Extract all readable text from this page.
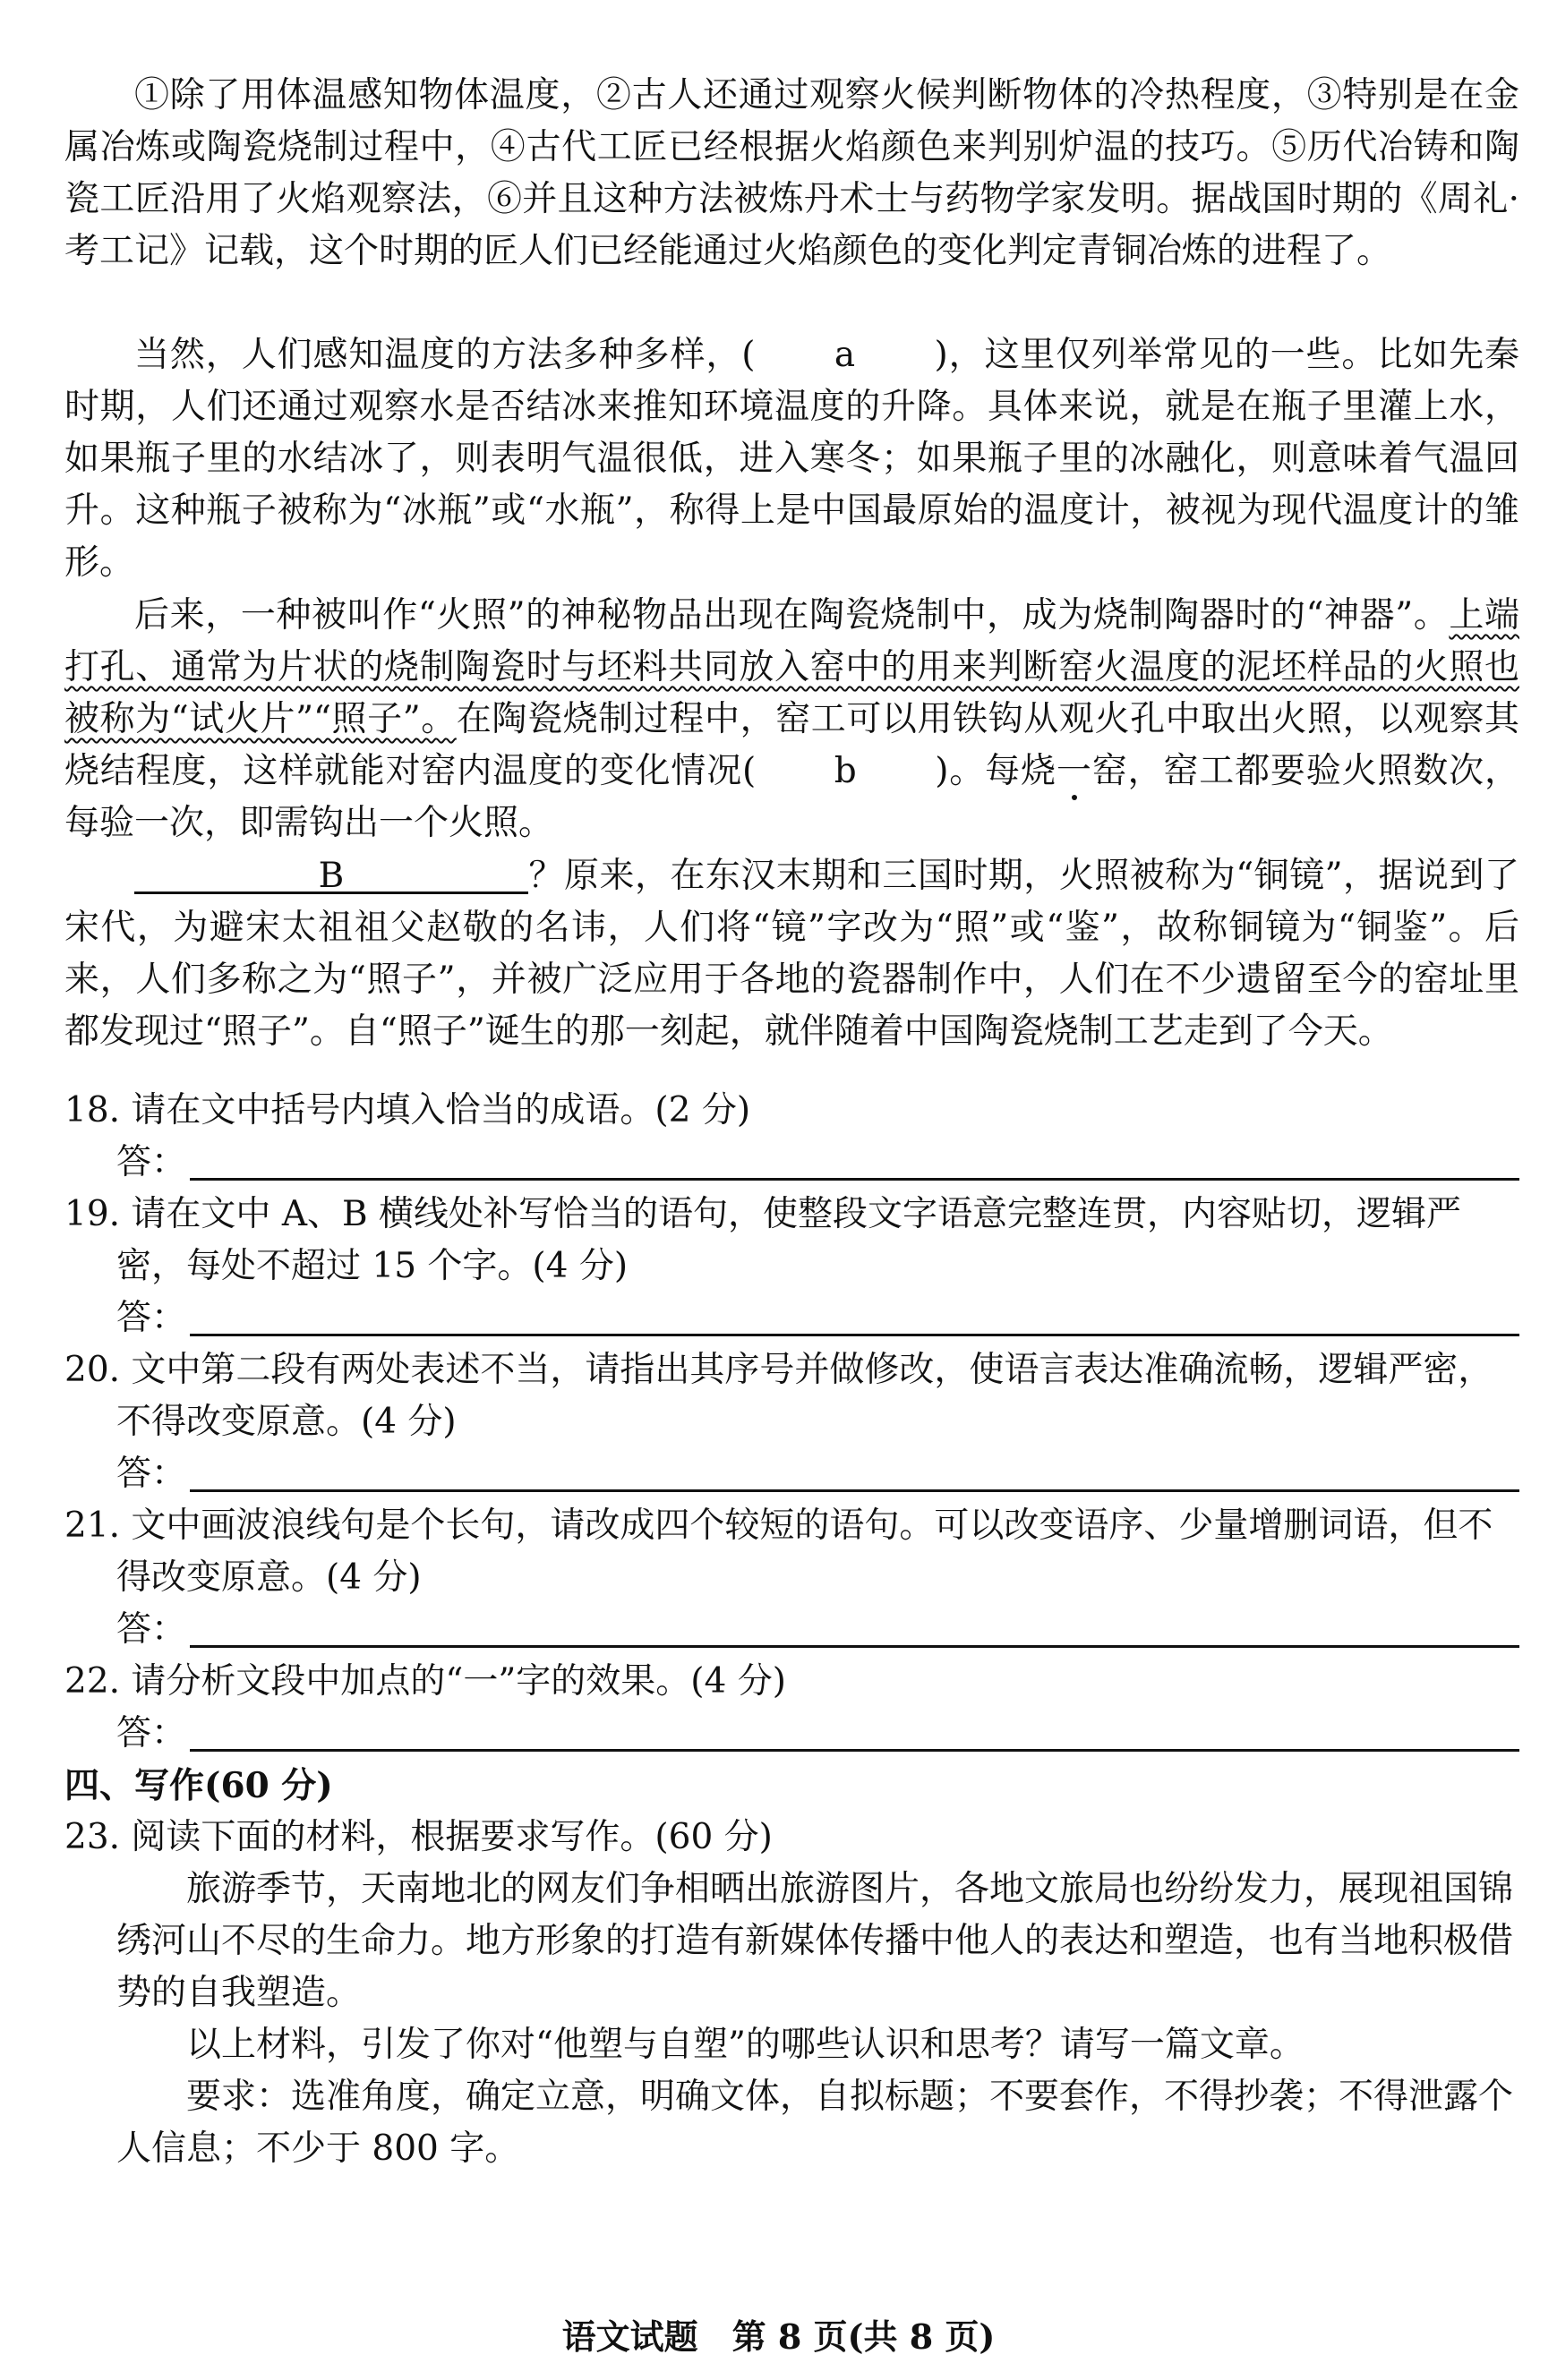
①除了用体温感知物体温度，②古人还通过观察火候判断物体的冷热程度，③特别是在金属冶炼或陶瓷烧制过程中，④古代工匠已经根据火焰颜色来判别炉温的技巧。⑤历代冶铸和陶瓷工匠沿用了火焰观察法，⑥并且这种方法被炼丹术士与药物学家发明。据战国时期的《周礼·考工记》记载，这个时期的匠人们已经能通过火焰颜色的变化判定青铜冶炼的进程了。

当然，人们感知温度的方法多种多样，( a )，这里仅列举常见的一些。比如先秦时期，人们还通过观察水是否结冰来推知环境温度的升降。具体来说，就是在瓶子里灌上水，如果瓶子里的水结冰了，则表明气温很低，进入寒冬；如果瓶子里的冰融化，则意味着气温回升。这种瓶子被称为“冰瓶”或“水瓶”，称得上是中国最原始的温度计，被视为现代温度计的雏形。

后来，一种被叫作“火照”的神秘物品出现在陶瓷烧制中，成为烧制陶器时的“神器”。上端打孔、通常为片状的烧制陶瓷时与坯料共同放入窑中的用来判断窑火温度的泥坯样品的火照也被称为“试火片”“照子”。在陶瓷烧制过程中，窑工可以用铁钩从观火孔中取出火照，以观察其烧结程度，这样就能对窑内温度的变化情况( b )。每烧一窑，窑工都要验火照数次，每验一次，即需钩出一个火照。

B	？原来，在东汉末期和三国时期，火照被称为“铜镜”，据说到了宋代，为避宋太祖祖父赵敬的名讳，人们将“镜”字改为“照”或“鉴”，故称铜镜为“铜鉴”。后来，人们多称之为“照子”，并被广泛应用于各地的瓷器制作中，人们在不少遗留至今的窑址里都发现过“照子”。自“照子”诞生的那一刻起，就伴随着中国陶瓷烧制工艺走到了今天。

18. 请在文中括号内填入恰当的成语。(2 分)

答：

19. 请在文中 A、B 横线处补写恰当的语句，使整段文字语意完整连贯，内容贴切，逻辑严密，每处不超过 15 个字。(4 分)

答：

20. 文中第二段有两处表述不当，请指出其序号并做修改，使语言表达准确流畅，逻辑严密，不得改变原意。(4 分)

答：

21. 文中画波浪线句是个长句，请改成四个较短的语句。可以改变语序、少量增删词语，但不得改变原意。(4 分)

答：

22. 请分析文段中加点的“一”字的效果。(4 分)

答：
四、写作(60 分)

23. 阅读下面的材料，根据要求写作。(60 分)

旅游季节，天南地北的网友们争相晒出旅游图片，各地文旅局也纷纷发力，展现祖国锦绣河山不尽的生命力。地方形象的打造有新媒体传播中他人的表达和塑造，也有当地积极借势的自我塑造。

以上材料，引发了你对“他塑与自塑”的哪些认识和思考？请写一篇文章。

要求：选准角度，确定立意，明确文体，自拟标题；不要套作，不得抄袭；不得泄露个人信息；不少于 800 字。

语文试题　第 8 页(共 8 页)
